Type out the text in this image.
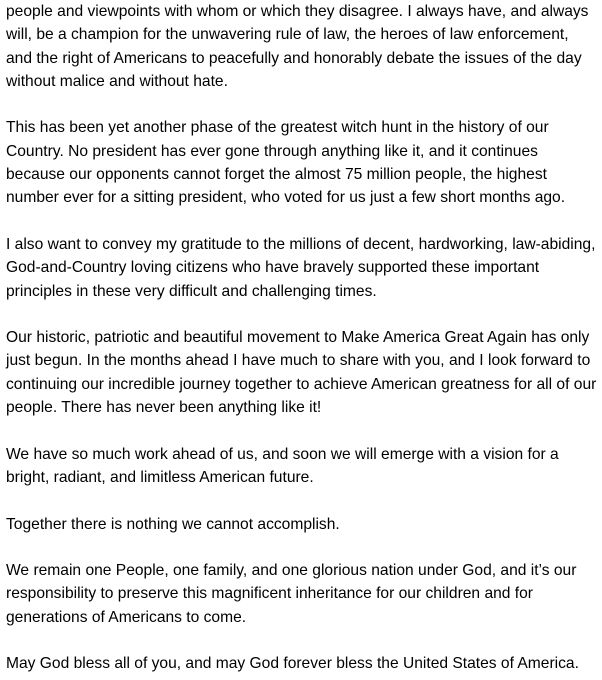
people and viewpoints with whom or which they disagree. I always have, and always will, be a champion for the unwavering rule of law, the heroes of law enforcement, and the right of Americans to peacefully and honorably debate the issues of the day without malice and without hate.

This has been yet another phase of the greatest witch hunt in the history of our Country. No president has ever gone through anything like it, and it continues because our opponents cannot forget the almost 75 million people, the highest number ever for a sitting president, who voted for us just a few short months ago.

I also want to convey my gratitude to the millions of decent, hardworking, law-abiding, God-and-Country loving citizens who have bravely supported these important principles in these very difficult and challenging times.

Our historic, patriotic and beautiful movement to Make America Great Again has only just begun. In the months ahead I have much to share with you, and I look forward to continuing our incredible journey together to achieve American greatness for all of our people. There has never been anything like it!

We have so much work ahead of us, and soon we will emerge with a vision for a bright, radiant, and limitless American future.

Together there is nothing we cannot accomplish.

We remain one People, one family, and one glorious nation under God, and it’s our responsibility to preserve this magnificent inheritance for our children and for generations of Americans to come.

May God bless all of you, and may God forever bless the United States of America.
